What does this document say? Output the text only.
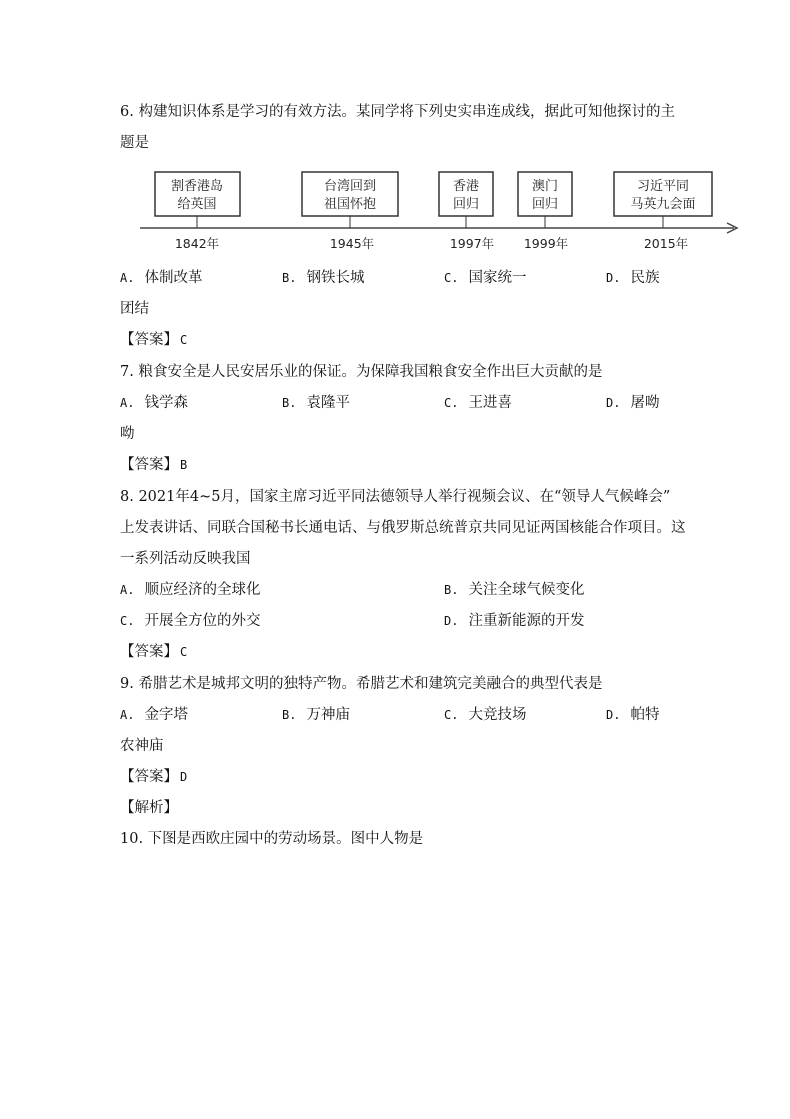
6. 构建知识体系是学习的有效方法。某同学将下列史实串连成线，据此可知他探讨的主
题是
割香港岛
给英国
1842年
台湾回到
祖国怀抱
1945年
香港
回归
1997年
澳门
回归
1999年
习近平同
马英九会面
2015年
A. 体制改革	B. 钢铁长城	C. 国家统一	D. 民族
团结
【答案】 C
7. 粮食安全是人民安居乐业的保证。为保障我国粮食安全作出巨大贡献的是
A. 钱学森	B. 袁隆平	C. 王进喜	D. 屠呦
呦
【答案】 B
8. 2021年4~5月，国家主席习近平同法德领导人举行视频会议、在“领导人气候峰会”
上发表讲话、同联合国秘书长通电话、与俄罗斯总统普京共同见证两国核能合作项目。这
一系列活动反映我国
A. 顺应经济的全球化	B. 关注全球气候变化
C. 开展全方位的外交	D. 注重新能源的开发
【答案】 C
9. 希腊艺术是城邦文明的独特产物。希腊艺术和建筑完美融合的典型代表是
A. 金字塔	B. 万神庙	C. 大竞技场	D. 帕特
农神庙
【答案】 D
【解析】
10. 下图是西欧庄园中的劳动场景。图中人物是
